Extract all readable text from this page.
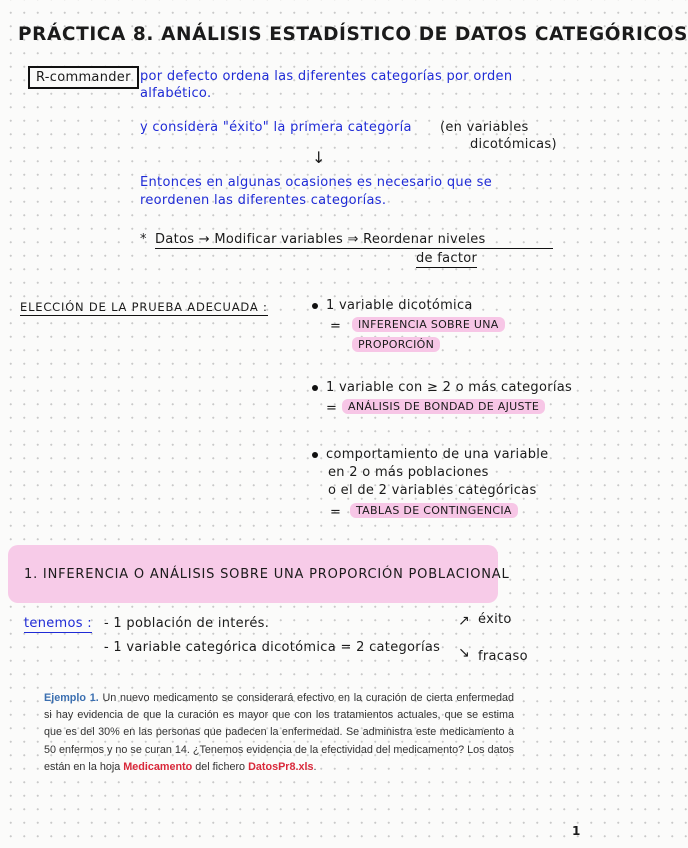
PRÁCTICA 8. ANÁLISIS ESTADÍSTICO DE DATOS CATEGÓRICOS
R-commander por defecto ordena las diferentes categorías por orden
alfabético.
y considera "éxito" la primera categoría (en variables
dicotómicas)
↓
Entonces en algunas ocasiones es necesario que se
reordenen las diferentes categorías.
* Datos → Modificar variables ⇒ Reordenar niveles
de factor
ELECCIÓN DE LA PRUEBA ADECUADA :	1 variable dicotómica
=	INFERENCIA SOBRE UNA
PROPORCIÓN
1 variable con ≥ 2 o más categorías
= ANÁLISIS DE BONDAD DE AJUSTE
comportamiento de una variable
en 2 o más poblaciones
o el de 2 variables categóricas
=	TABLAS DE CONTINGENCIA
1. INFERENCIA O ANÁLISIS SOBRE UNA PROPORCIÓN POBLACIONAL
tenemos : - 1 población de interés.
- 1 variable categórica dicotómica = 2 categorías
↗ éxito
↘ fracaso
Ejemplo 1. Un nuevo medicamento se considerará efectivo en la curación de cierta enfermedad si hay evidencia de que la curación es mayor que con los tratamientos actuales, que se estima que es del 30% en las personas que padecen la enfermedad. Se administra este medicamento a 50 enfermos y no se curan 14. ¿Tenemos evidencia de la efectividad del medicamento? Los datos están en la hoja Medicamento del fichero DatosPr8.xls.
1
